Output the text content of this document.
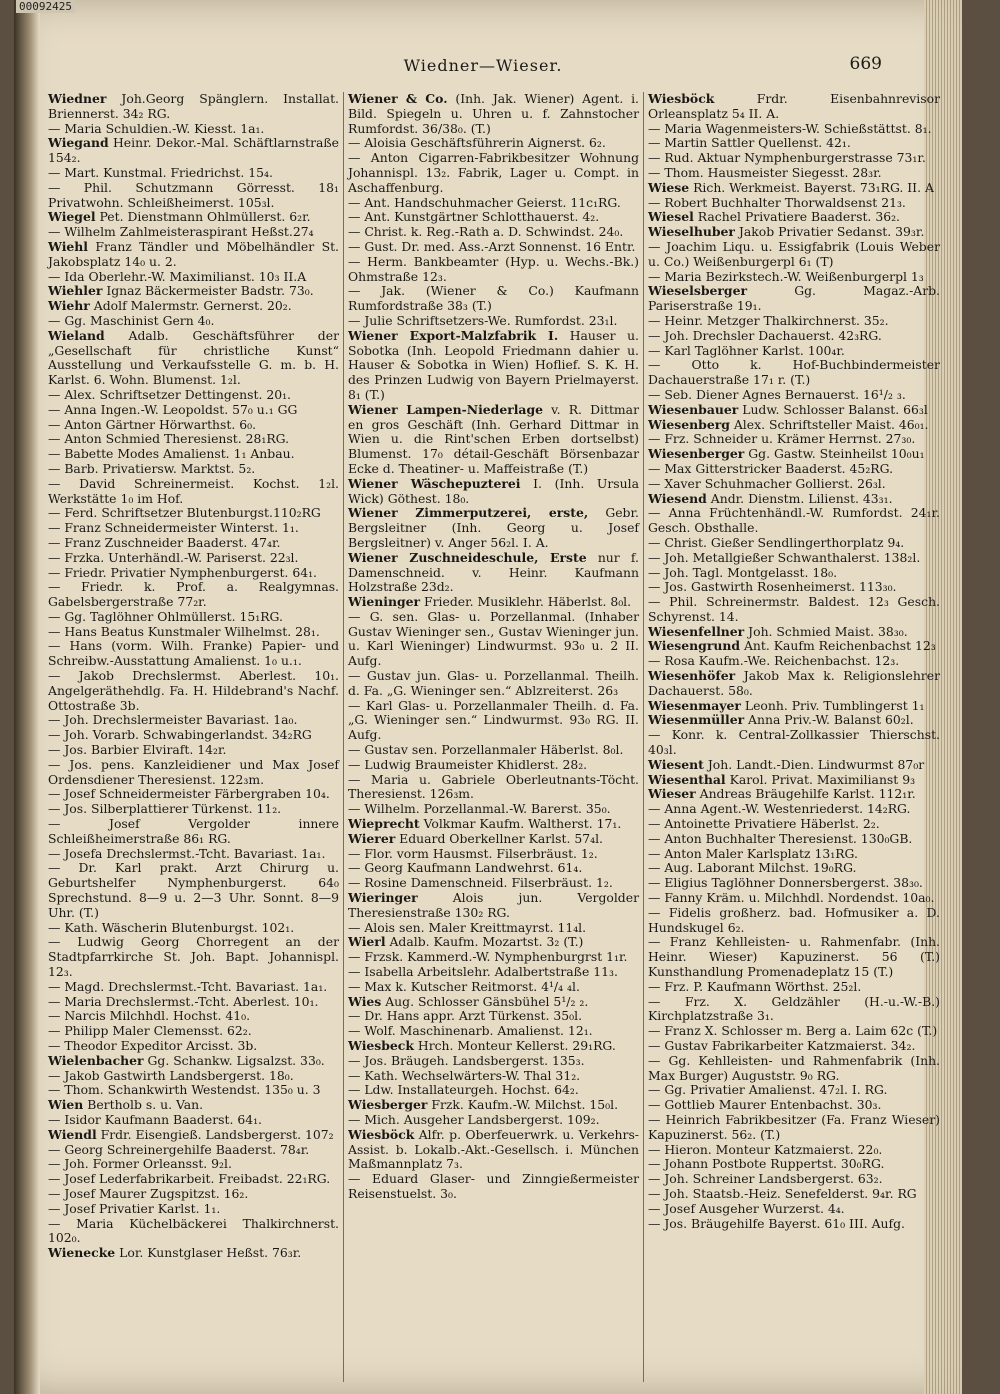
00092425
Wiedner—Wieser.	669

Wiedner Joh.Georg Spänglern. Installat. Briennerst. 34₂ RG.

— Maria Schuldien.-W. Kiesst. 1a₁.

Wiegand Heinr. Dekor.-Mal. Schäftlarnstraße 154₂.

— Mart. Kunstmal. Friedrichst. 15₄.

— Phil. Schutzmann Görresst. 18₁ Privatwohn. Schleißheimerst. 105₃l.

Wiegel Pet. Dienstmann Ohlmüllerst. 6₂r.

— Wilhelm Zahlmeisteraspirant Heßst.27₄

Wiehl Franz Tändler und Möbelhändler St. Jakobsplatz 14₀ u. 2.

— Ida Oberlehr.-W. Maximilianst. 10₃ II.A

Wiehler Ignaz Bäckermeister Badstr. 73₀.

Wiehr Adolf Malermstr. Gernerst. 20₂.

— Gg. Maschinist Gern 4₀.

Wieland Adalb. Geschäftsführer der „Gesellschaft für christliche Kunst“ Ausstellung und Verkaufsstelle G. m. b. H. Karlst. 6. Wohn. Blumenst. 1₂l.

— Alex. Schriftsetzer Dettingenst. 20₁.

— Anna Ingen.-W. Leopoldst. 57₀ u.₁ GG

— Anton Gärtner Hörwarthst. 6₀.

— Anton Schmied Theresienst. 28₁RG.

— Babette Modes Amalienst. 1₁ Anbau.

— Barb. Privatiersw. Marktst. 5₂.

— David Schreinermeist. Kochst. 1₂l. Werkstätte 1₀ im Hof.

— Ferd. Schriftsetzer Blutenburgst.110₂RG

— Franz Schneidermeister Winterst. 1₁.

— Franz Zuschneider Baaderst. 47₄r.

— Frzka. Unterhändl.-W. Pariserst. 22₃l.

— Friedr. Privatier Nymphenburgerst. 64₁.

— Friedr. k. Prof. a. Realgymnas. Gabelsbergerstraße 77₂r.

— Gg. Taglöhner Ohlmüllerst. 15₁RG.

— Hans Beatus Kunstmaler Wilhelmst. 28₁.

— Hans (vorm. Wilh. Franke) Papier- und Schreibw.-Ausstattung Amalienst. 1₀ u.₁.

— Jakob Drechslermst. Aberlest. 10₁. Angelgeräthehdlg. Fa. H. Hildebrand's Nachf. Ottostraße 3b.

— Joh. Drechslermeister Bavariast. 1a₀.

— Joh. Vorarb. Schwabingerlandst. 34₂RG

— Jos. Barbier Elviraft. 14₂r.

— Jos. pens. Kanzleidiener und Max Josef Ordensdiener Theresienst. 122₃m.

— Josef Schneidermeister Färbergraben 10₄.

— Jos. Silberplattierer Türkenst. 11₂.

— Josef Vergolder innere Schleißheimerstraße 86₁ RG.

— Josefa Drechslermst.-Tcht. Bavariast. 1a₁.

— Dr. Karl prakt. Arzt Chirurg u. Geburtshelfer Nymphenburgerst. 64₀ Sprechstund. 8—9 u. 2—3 Uhr. Sonnt. 8—9 Uhr. (T.)

— Kath. Wäscherin Blutenburgst. 102₁.

— Ludwig Georg Chorregent an der Stadtpfarrkirche St. Joh. Bapt. Johannispl. 12₃.

— Magd. Drechslermst.-Tcht. Bavariast. 1a₁.

— Maria Drechslermst.-Tcht. Aberlest. 10₁.

— Narcis Milchhdl. Hochst. 41₀.

— Philipp Maler Clemensst. 62₂.

— Theodor Expeditor Arcisst. 3b.

Wielenbacher Gg. Schankw. Ligsalzst. 33₀.

— Jakob Gastwirth Landsbergerst. 18₀.

— Thom. Schankwirth Westendst. 135₀ u. 3

Wien Bertholb s. u. Van.

— Isidor Kaufmann Baaderst. 64₁.

Wiendl Frdr. Eisengieß. Landsbergerst. 107₂

— Georg Schreinergehilfe Baaderst. 78₄r.

— Joh. Former Orleansst. 9₂l.

— Josef Lederfabrikarbeit. Freibadst. 22₁RG.

— Josef Maurer Zugspitzst. 16₂.

— Josef Privatier Karlst. 1₁.

— Maria Küchelbäckerei Thalkirchnerst. 102₀.

Wienecke Lor. Kunstglaser Heßst. 76₃r.

Wiener & Co. (Inh. Jak. Wiener) Agent. i. Bild. Spiegeln u. Uhren u. f. Zahnstocher Rumfordst. 36/38₀. (T.)

— Aloisia Geschäftsführerin Aignerst. 6₂.

— Anton Cigarren-Fabrikbesitzer Wohnung Johannispl. 13₂. Fabrik, Lager u. Compt. in Aschaffenburg.

— Ant. Handschuhmacher Geierst. 11c₁RG.

— Ant. Kunstgärtner Schlotthauerst. 4₂.

— Christ. k. Reg.-Rath a. D. Schwindst. 24₀.

— Gust. Dr. med. Ass.-Arzt Sonnenst. 16 Entr.

— Herm. Bankbeamter (Hyp. u. Wechs.-Bk.) Ohmstraße 12₃.

— Jak. (Wiener & Co.) Kaufmann Rumfordstraße 38₃ (T.)

— Julie Schriftsetzers-We. Rumfordst. 23₁l.

Wiener Export-Malzfabrik I. Hauser u. Sobotka (Inh. Leopold Friedmann dahier u. Hauser & Sobotka in Wien) Hoflief. S. K. H. des Prinzen Ludwig von Bayern Prielmayerst. 8₁ (T.)

Wiener Lampen-Niederlage v. R. Dittmar en gros Geschäft (Inh. Gerhard Dittmar in Wien u. die Rint'schen Erben dortselbst) Blumenst. 17₀ détail-Geschäft Börsenbazar Ecke d. Theatiner- u. Maffeistraße (T.)

Wiener Wäschepuzterei I. (Inh. Ursula Wick) Göthest. 18₀.

Wiener Zimmerputzerei, erste, Gebr. Bergsleitner (Inh. Georg u. Josef Bergsleitner) v. Anger 56₂l. I. A.

Wiener Zuschneideschule, Erste nur f. Damenschneid. v. Heinr. Kaufmann Holzstraße 23d₂.

Wieninger Frieder. Musiklehr. Häberlst. 8₀l.

— G. sen. Glas- u. Porzellanmal. (Inhaber Gustav Wieninger sen., Gustav Wieninger jun. u. Karl Wieninger) Lindwurmst. 93₀ u. 2 II. Aufg.

— Gustav jun. Glas- u. Porzellanmal. Theilh. d. Fa. „G. Wieninger sen.“ Ablzreiterst. 26₃

— Karl Glas- u. Porzellanmaler Theilh. d. Fa. „G. Wieninger sen.“ Lindwurmst. 93₀ RG. II. Aufg.

— Gustav sen. Porzellanmaler Häberlst. 8₀l.

— Ludwig Braumeister Khidlerst. 28₂.

— Maria u. Gabriele Oberleutnants-Töcht. Theresienst. 126₃m.

— Wilhelm. Porzellanmal.-W. Barerst. 35₀.

Wieprecht Volkmar Kaufm. Waltherst. 17₁.

Wierer Eduard Oberkellner Karlst. 57₄l.

— Flor. vorm Hausmst. Filserbräust. 1₂.

— Georg Kaufmann Landwehrst. 61₄.

— Rosine Damenschneid. Filserbräust. 1₂.

Wieringer Alois jun. Vergolder Theresienstraße 130₂ RG.

— Alois sen. Maler Kreittmayrst. 11₄l.

Wierl Adalb. Kaufm. Mozartst. 3₂ (T.)

— Frzsk. Kammerd.-W. Nymphenburgrst 1₁r.

— Isabella Arbeitslehr. Adalbertstraße 11₃.

— Max k. Kutscher Reitmorst. 4¹/₄ ₄l.

Wies Aug. Schlosser Gänsbühel 5¹/₂ ₂.

— Dr. Hans appr. Arzt Türkenst. 35₀l.

— Wolf. Maschinenarb. Amalienst. 12₁.

Wiesbeck Hrch. Monteur Kellerst. 29₁RG.

— Jos. Bräugeh. Landsbergerst. 135₃.

— Kath. Wechselwärters-W. Thal 31₂.

— Ldw. Installateurgeh. Hochst. 64₂.

Wiesberger Frzk. Kaufm.-W. Milchst. 15₀l.

— Mich. Ausgeher Landsbergerst. 109₂.

Wiesböck Alfr. p. Oberfeuerwrk. u. Verkehrs-Assist. b. Lokalb.-Akt.-Gesellsch. i. München Maßmannplatz 7₃.

— Eduard Glaser- und Zinngießermeister Reisenstuelst. 3₀.

Wiesböck Frdr. Eisenbahnrevisor Orleansplatz 5₄ II. A.

— Maria Wagenmeisters-W. Schießstättst. 8₁.

— Martin Sattler Quellenst. 42₁.

— Rud. Aktuar Nymphenburgerstrasse 73₁r.

— Thom. Hausmeister Siegesst. 28₃r.

Wiese Rich. Werkmeist. Bayerst. 73₁RG. II. A

— Robert Buchhalter Thorwaldsenst 21₃.

Wiesel Rachel Privatiere Baaderst. 36₂.

Wieselhuber Jakob Privatier Sedanst. 39₃r.

— Joachim Liqu. u. Essigfabrik (Louis Weber u. Co.) Weißenburgerpl 6₁ (T)

— Maria Bezirkstech.-W. Weißenburgerpl 1₃

Wieselsberger Gg. Magaz.-Arb. Pariserstraße 19₁.

— Heinr. Metzger Thalkirchnerst. 35₂.

— Joh. Drechsler Dachauerst. 42₃RG.

— Karl Taglöhner Karlst. 100₄r.

— Otto k. Hof-Buchbindermeister Dachauerstraße 17₁ r. (T.)

— Seb. Diener Agnes Bernauerst. 16¹/₂ ₃.

Wiesenbauer Ludw. Schlosser Balanst. 66₃l

Wiesenberg Alex. Schriftsteller Maist. 46₀₁.

— Frz. Schneider u. Krämer Herrnst. 27₃₀.

Wiesenberger Gg. Gastw. Steinheilst 10₀u₁

— Max Gitterstricker Baaderst. 45₂RG.

— Xaver Schuhmacher Gollierst. 26₃l.

Wiesend Andr. Dienstm. Lilienst. 43₃₁.

— Anna Früchtenhändl.-W. Rumfordst. 24₁r. Gesch. Obsthalle.

— Christ. Gießer Sendlingerthorplatz 9₄.

— Joh. Metallgießer Schwanthalerst. 138₂l.

— Joh. Tagl. Montgelasst. 18₀.

— Jos. Gastwirth Rosenheimerst. 113₃₀.

— Phil. Schreinermstr. Baldest. 12₃ Gesch. Schyrenst. 14.

Wiesenfellner Joh. Schmied Maist. 38₃₀.

Wiesengrund Ant. Kaufm Reichenbachst 12₃

— Rosa Kaufm.-We. Reichenbachst. 12₃.

Wiesenhöfer Jakob Max k. Religionslehrer Dachauerst. 58₀.

Wiesenmayer Leonh. Priv. Tumblingerst 1₁

Wiesenmüller Anna Priv.-W. Balanst 60₂l.

— Konr. k. Central-Zollkassier Thierschst. 40₃l.

Wiesent Joh. Landt.-Dien. Lindwurmst 87₀r

Wiesenthal Karol. Privat. Maximilianst 9₃

Wieser Andreas Bräugehilfe Karlst. 112₁r.

— Anna Agent.-W. Westenriederst. 14₂RG.

— Antoinette Privatiere Häberlst. 2₂.

— Anton Buchhalter Theresienst. 130₀GB.

— Anton Maler Karlsplatz 13₁RG.

— Aug. Laborant Milchst. 19₀RG.

— Eligius Taglöhner Donnersbergerst. 38₃₀.

— Fanny Kräm. u. Milchhdl. Nordendst. 10a₀.

— Fidelis großherz. bad. Hofmusiker a. D. Hundskugel 6₂.

— Franz Kehlleisten- u. Rahmenfabr. (Inh. Heinr. Wieser) Kapuzinerst. 56 (T.) Kunsthandlung Promenadeplatz 15 (T.)

— Frz. P. Kaufmann Wörthst. 25₂l.

— Frz. X. Geldzähler (H.-u.-W.-B.) Kirchplatzstraße 3₁.

— Franz X. Schlosser m. Berg a. Laim 62c (T.)

— Gustav Fabrikarbeiter Katzmaierst. 34₂.

— Gg. Kehlleisten- und Rahmenfabrik (Inh. Max Burger) Auguststr. 9₀ RG.

— Gg. Privatier Amalienst. 47₂l. I. RG.

— Gottlieb Maurer Entenbachst. 30₃.

— Heinrich Fabrikbesitzer (Fa. Franz Wieser) Kapuzinerst. 56₂. (T.)

— Hieron. Monteur Katzmaierst. 22₀.

— Johann Postbote Ruppertst. 30₀RG.

— Joh. Schreiner Landsbergerst. 63₂.

— Joh. Staatsb.-Heiz. Senefelderst. 9₄r. RG

— Josef Ausgeher Wurzerst. 4₄.

— Jos. Bräugehilfe Bayerst. 61₀ III. Aufg.
